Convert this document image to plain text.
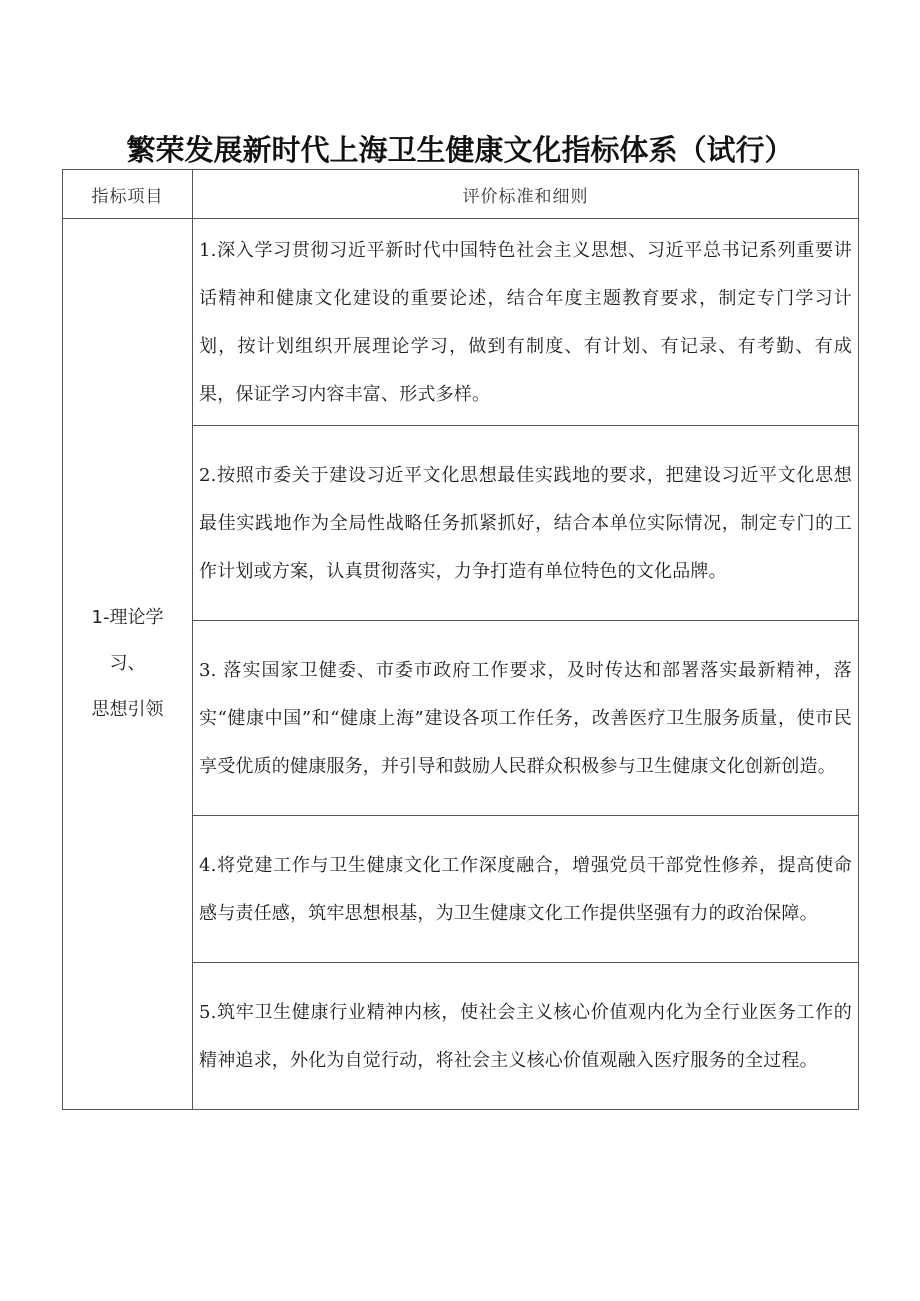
繁荣发展新时代上海卫生健康文化指标体系（试行）
指标项目	评价标准和细则

1-理论学
习、
思想引领	1.深入学习贯彻习近平新时代中国特色社会主义思想、习近平总书记系列重要讲话精神和健康文化建设的重要论述，结合年度主题教育要求，制定专门学习计划，按计划组织开展理论学习，做到有制度、有计划、有记录、有考勤、有成果，保证学习内容丰富、形式多样。
	2.按照市委关于建设习近平文化思想最佳实践地的要求，把建设习近平文化思想最佳实践地作为全局性战略任务抓紧抓好，结合本单位实际情况，制定专门的工作计划或方案，认真贯彻落实，力争打造有单位特色的文化品牌。
	3. 落实国家卫健委、市委市政府工作要求，及时传达和部署落实最新精神，落实“健康中国”和“健康上海”建设各项工作任务，改善医疗卫生服务质量，使市民享受优质的健康服务，并引导和鼓励人民群众积极参与卫生健康文化创新创造。
	4.将党建工作与卫生健康文化工作深度融合，增强党员干部党性修养，提高使命感与责任感，筑牢思想根基，为卫生健康文化工作提供坚强有力的政治保障。
	5.筑牢卫生健康行业精神内核，使社会主义核心价值观内化为全行业医务工作的精神追求，外化为自觉行动，将社会主义核心价值观融入医疗服务的全过程。
